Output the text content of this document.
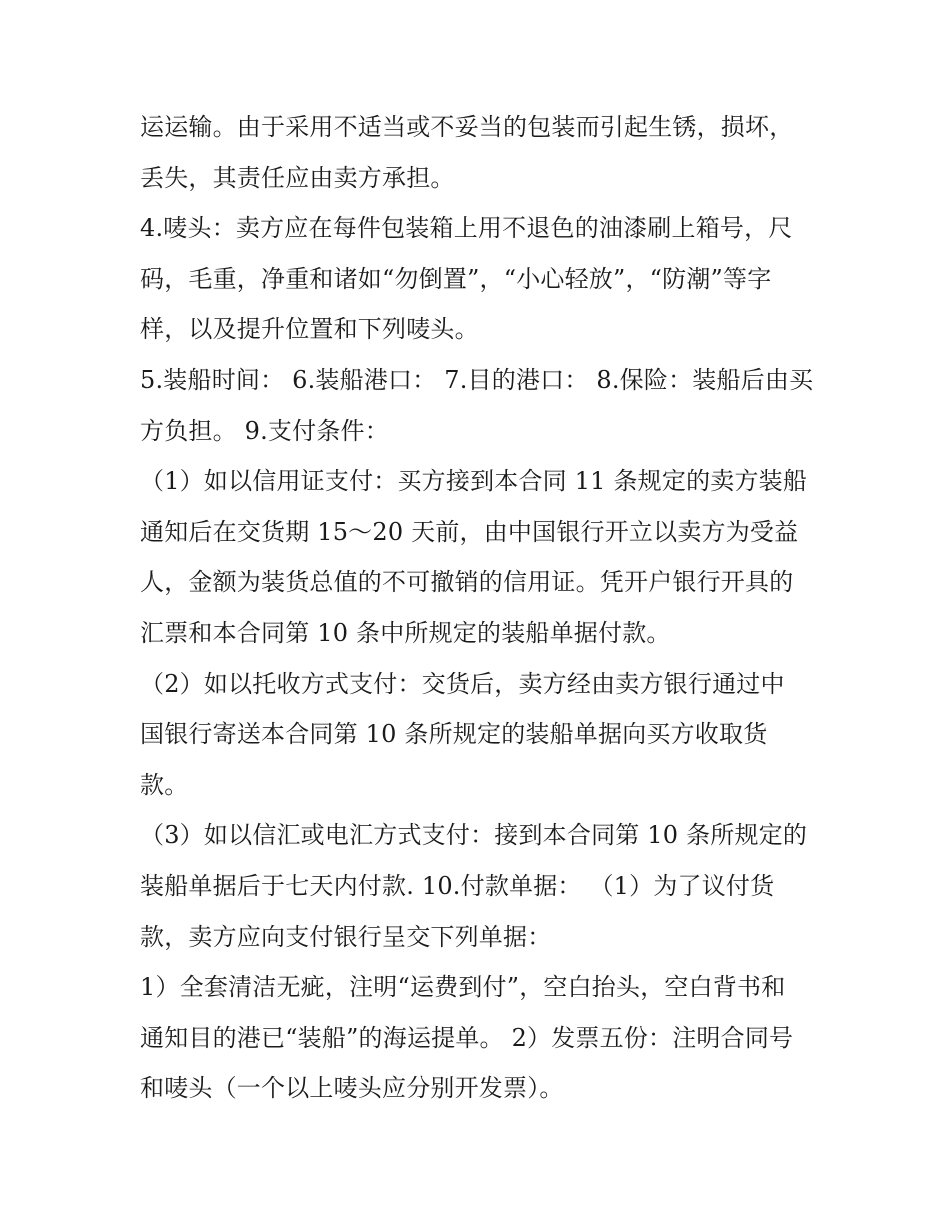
运运输。由于采用不适当或不妥当的包装而引起生锈，损坏，
丢失，其责任应由卖方承担。
4.唛头：卖方应在每件包装箱上用不退色的油漆刷上箱号，尺
码，毛重，净重和诸如“勿倒置”，“小心轻放”，“防潮”等字
样，以及提升位置和下列唛头。
5.装船时间： 6.装船港口： 7.目的港口： 8.保险：装船后由买
方负担。 9.支付条件：
（1）如以信用证支付：买方接到本合同 11 条规定的卖方装船
通知后在交货期 15～20 天前，由中国银行开立以卖方为受益
人，金额为装货总值的不可撤销的信用证。凭开户银行开具的
汇票和本合同第 10 条中所规定的装船单据付款。
（2）如以托收方式支付：交货后，卖方经由卖方银行通过中
国银行寄送本合同第 10 条所规定的装船单据向买方收取货
款。
（3）如以信汇或电汇方式支付：接到本合同第 10 条所规定的
装船单据后于七天内付款. 10.付款单据： （1）为了议付货
款，卖方应向支付银行呈交下列单据：
1）全套清洁无疵，注明“运费到付”，空白抬头，空白背书和
通知目的港已“装船”的海运提单。 2）发票五份：注明合同号
和唛头（一个以上唛头应分别开发票）。
